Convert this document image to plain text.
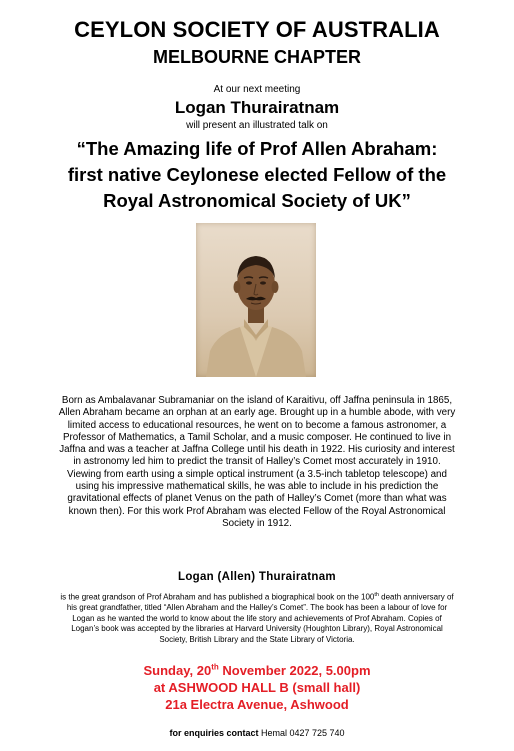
CEYLON SOCIETY OF AUSTRALIA
MELBOURNE CHAPTER
At our next meeting
Logan Thurairatnam
will present an illustrated talk on
“The Amazing life of Prof Allen Abraham:
first native Ceylonese elected Fellow of the
Royal Astronomical Society of UK”
Born as Ambalavanar Subramaniar on the island of Karaitivu, off Jaffna peninsula in 1865,
Allen Abraham became an orphan at an early age. Brought up in a humble abode, with very
limited access to educational resources, he went on to become a famous astronomer, a
Professor of Mathematics, a Tamil Scholar, and a music composer. He continued to live in
Jaffna and was a teacher at Jaffna College until his death in 1922. His curiosity and interest
in astronomy led him to predict the transit of Halley’s Comet most accurately in 1910.
Viewing from earth using a simple optical instrument (a 3.5-inch tabletop telescope) and
using his impressive mathematical skills, he was able to include in his prediction the
gravitational effects of planet Venus on the path of Halley’s Comet (more than what was
known then). For this work Prof Abraham was elected Fellow of the Royal Astronomical
Society in 1912.
Logan (Allen) Thurairatnam
is the great grandson of Prof Abraham and has published a biographical book on the 100th death anniversary of
his great grandfather, titled “Allen Abraham and the Halley’s Comet”. The book has been a labour of love for
Logan as he wanted the world to know about the life story and achievements of Prof Abraham. Copies of
Logan’s book was accepted by the libraries at Harvard University (Houghton Library), Royal Astronomical
Society, British Library and the State Library of Victoria.
Sunday, 20th November 2022, 5.00pm
at ASHWOOD HALL B (small hall)
21a Electra Avenue, Ashwood
for enquiries contact Hemal 0427 725 740
